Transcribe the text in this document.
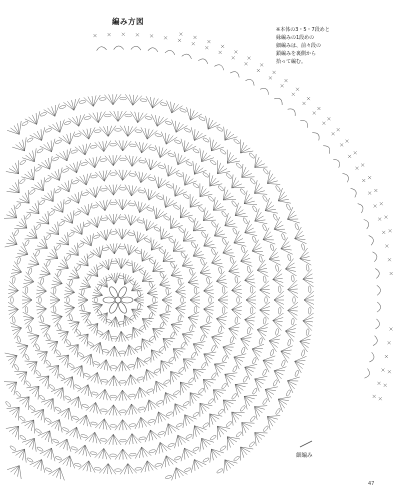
編み方図
※本体の3・5・7段めと
縁編みの1段めの
細編みは、前々段の
鎖編みを裏側から
拾って編む。
細編み
47
